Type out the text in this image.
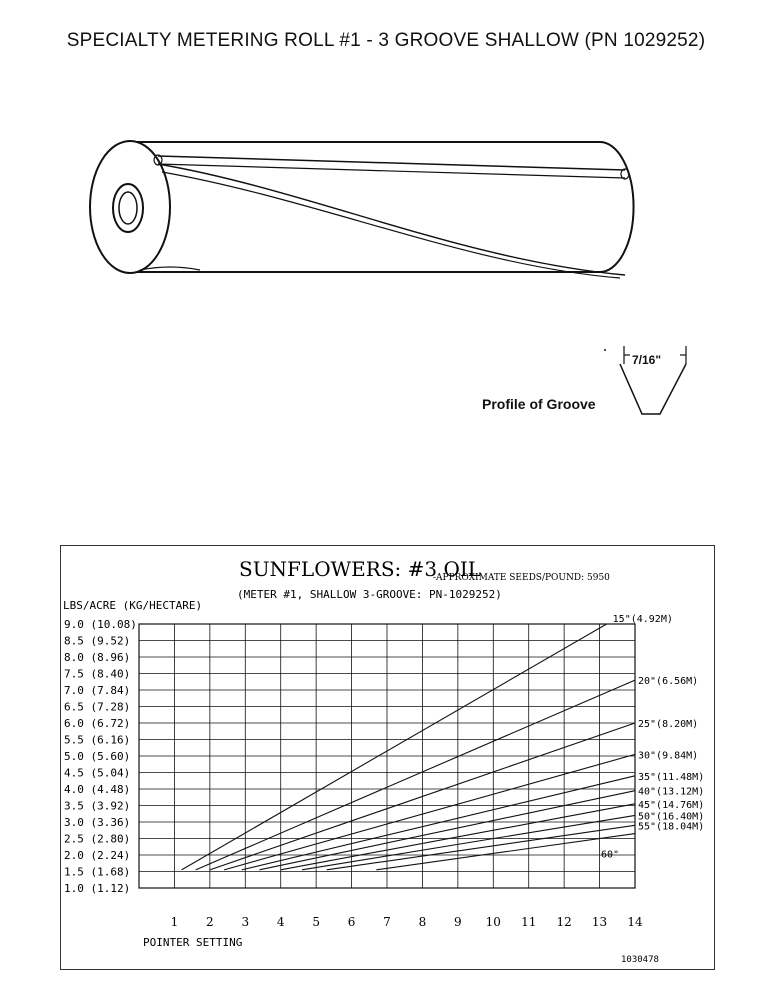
SPECIALTY METERING ROLL #1 - 3 GROOVE SHALLOW (PN 1029252)
7/16"
Profile of Groove
SUNFLOWERS: #3 OIL
-APPROXIMATE SEEDS/POUND: 5950
(METER #1, SHALLOW 3-GROOVE: PN-1029252)
LBS/ACRE (KG/HECTARE)
POINTER SETTING
1030478
9.0 (10.08)
8.5 (9.52)
8.0 (8.96)
7.5 (8.40)
7.0 (7.84)
6.5 (7.28)
6.0 (6.72)
5.5 (6.16)
5.0 (5.60)
4.5 (5.04)
4.0 (4.48)
3.5 (3.92)
3.0 (3.36)
2.5 (2.80)
2.0 (2.24)
1.5 (1.68)
1.0 (1.12)
1 2 3 4 5 6 7 8 9 10 11 12 13 14
15"(4.92M)
20"(6.56M)
25"(8.20M)
30"(9.84M)
35"(11.48M)
40"(13.12M)
45"(14.76M)
50"(16.40M)
55"(18.04M)
60"
